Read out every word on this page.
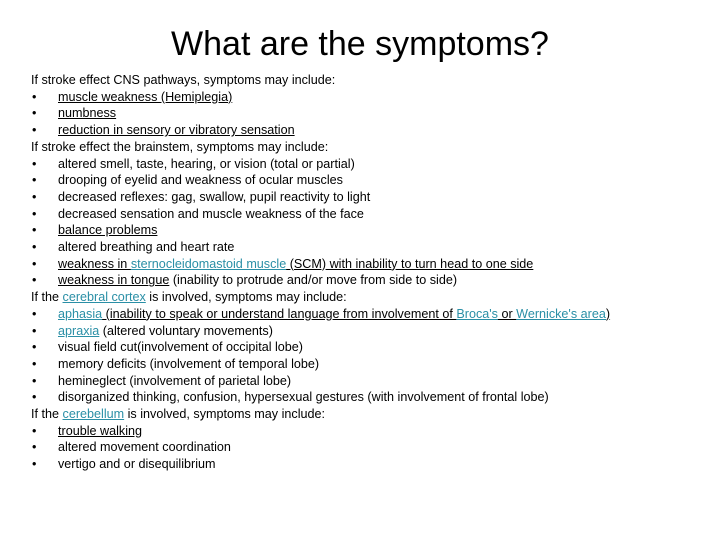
What are the symptoms?
If stroke effect CNS pathways, symptoms may include:
• muscle weakness (Hemiplegia)
• numbness
• reduction in sensory or vibratory sensation
If stroke effect the brainstem, symptoms may include:
• altered smell, taste, hearing, or vision (total or partial)
• drooping of eyelid and weakness of ocular muscles
• decreased reflexes: gag, swallow, pupil reactivity to light
• decreased sensation and muscle weakness of the face
• balance problems
• altered breathing and heart rate
• weakness in sternocleidomastoid muscle (SCM) with inability to turn head to one side
• weakness in tongue (inability to protrude and/or move from side to side)
If the cerebral cortex is involved, symptoms may include:
• aphasia (inability to speak or understand language from involvement of Broca's or Wernicke's area)
• apraxia (altered voluntary movements)
• visual field cut(involvement of occipital lobe)
• memory deficits (involvement of temporal lobe)
• hemineglect (involvement of parietal lobe)
• disorganized thinking, confusion, hypersexual gestures (with involvement of frontal lobe)
If the cerebellum is involved, symptoms may include:
• trouble walking
• altered movement coordination
• vertigo and or disequilibrium
